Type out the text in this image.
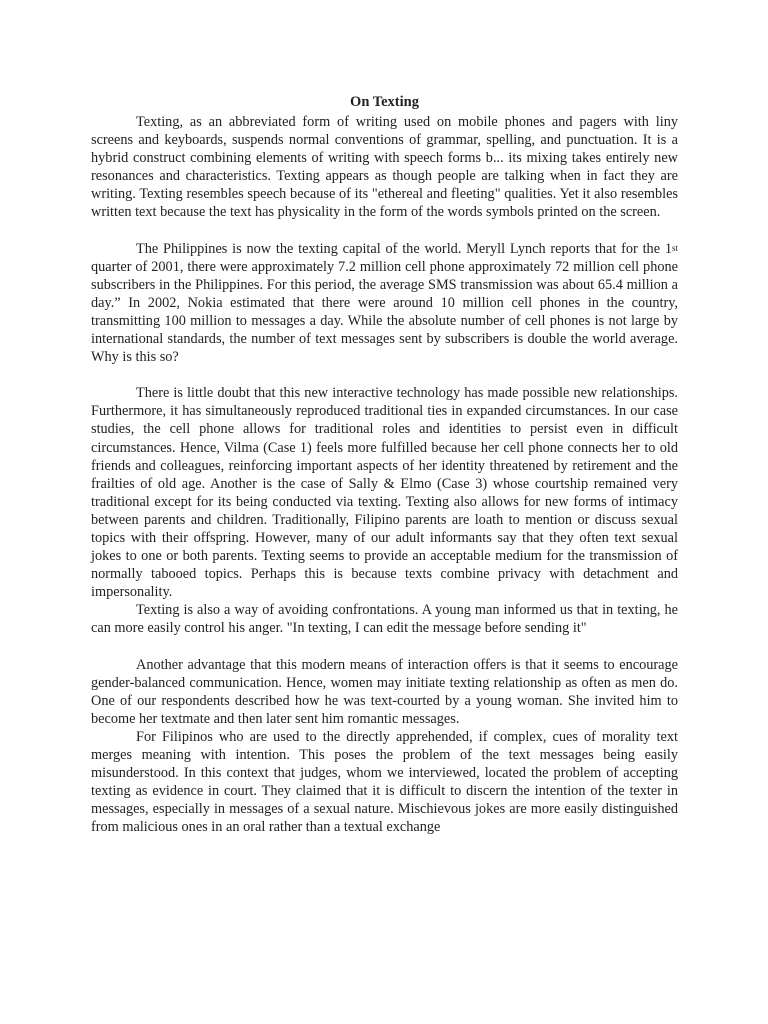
On Texting

Texting, as an abbreviated form of writing used on mobile phones and pagers with liny screens and keyboards, suspends normal conventions of grammar, spelling, and punctuation. It is a hybrid construct combining elements of writing with speech forms b... its mixing takes entirely new resonances and characteristics. Texting appears as though people are talking when in fact they are writing. Texting resembles speech because of its "ethereal and fleeting" qualities. Yet it also resembles written text because the text has physicality in the form of the words symbols printed on the screen.

The Philippines is now the texting capital of the world. Meryll Lynch reports that for the 1st quarter of 2001, there were approximately 7.2 million cell phone approximately 72 million cell phone subscribers in the Philippines. For this period, the average SMS transmission was about 65.4 million a day.” In 2002, Nokia estimated that there were around 10 million cell phones in the country, transmitting 100 million to messages a day. While the absolute number of cell phones is not large by international standards, the number of text messages sent by subscribers is double the world average. Why is this so?

There is little doubt that this new interactive technology has made possible new relationships. Furthermore, it has simultaneously reproduced traditional ties in expanded circumstances. In our case studies, the cell phone allows for traditional roles and identities to persist even in difficult circumstances. Hence, Vilma (Case 1) feels more fulfilled because her cell phone connects her to old friends and colleagues, reinforcing important aspects of her identity threatened by retirement and the frailties of old age. Another is the case of Sally & Elmo (Case 3) whose courtship remained very traditional except for its being conducted via texting. Texting also allows for new forms of intimacy between parents and children. Traditionally, Filipino parents are loath to mention or discuss sexual topics with their offspring. However, many of our adult informants say that they often text sexual jokes to one or both parents. Texting seems to provide an acceptable medium for the transmission of normally tabooed topics. Perhaps this is because texts combine privacy with detachment and impersonality.

Texting is also a way of avoiding confrontations. A young man informed us that in texting, he can more easily control his anger. "In texting, I can edit the message before sending it"

Another advantage that this modern means of interaction offers is that it seems to encourage gender-balanced communication. Hence, women may initiate texting relationship as often as men do. One of our respondents described how he was text-courted by a young woman. She invited him to become her textmate and then later sent him romantic messages.

For Filipinos who are used to the directly apprehended, if complex, cues of morality text merges meaning with intention. This poses the problem of the text messages being easily misunderstood. In this context that judges, whom we interviewed, located the problem of accepting texting as evidence in court. They claimed that it is difficult to discern the intention of the texter in messages, especially in messages of a sexual nature. Mischievous jokes are more easily distinguished from malicious ones in an oral rather than a textual exchange
